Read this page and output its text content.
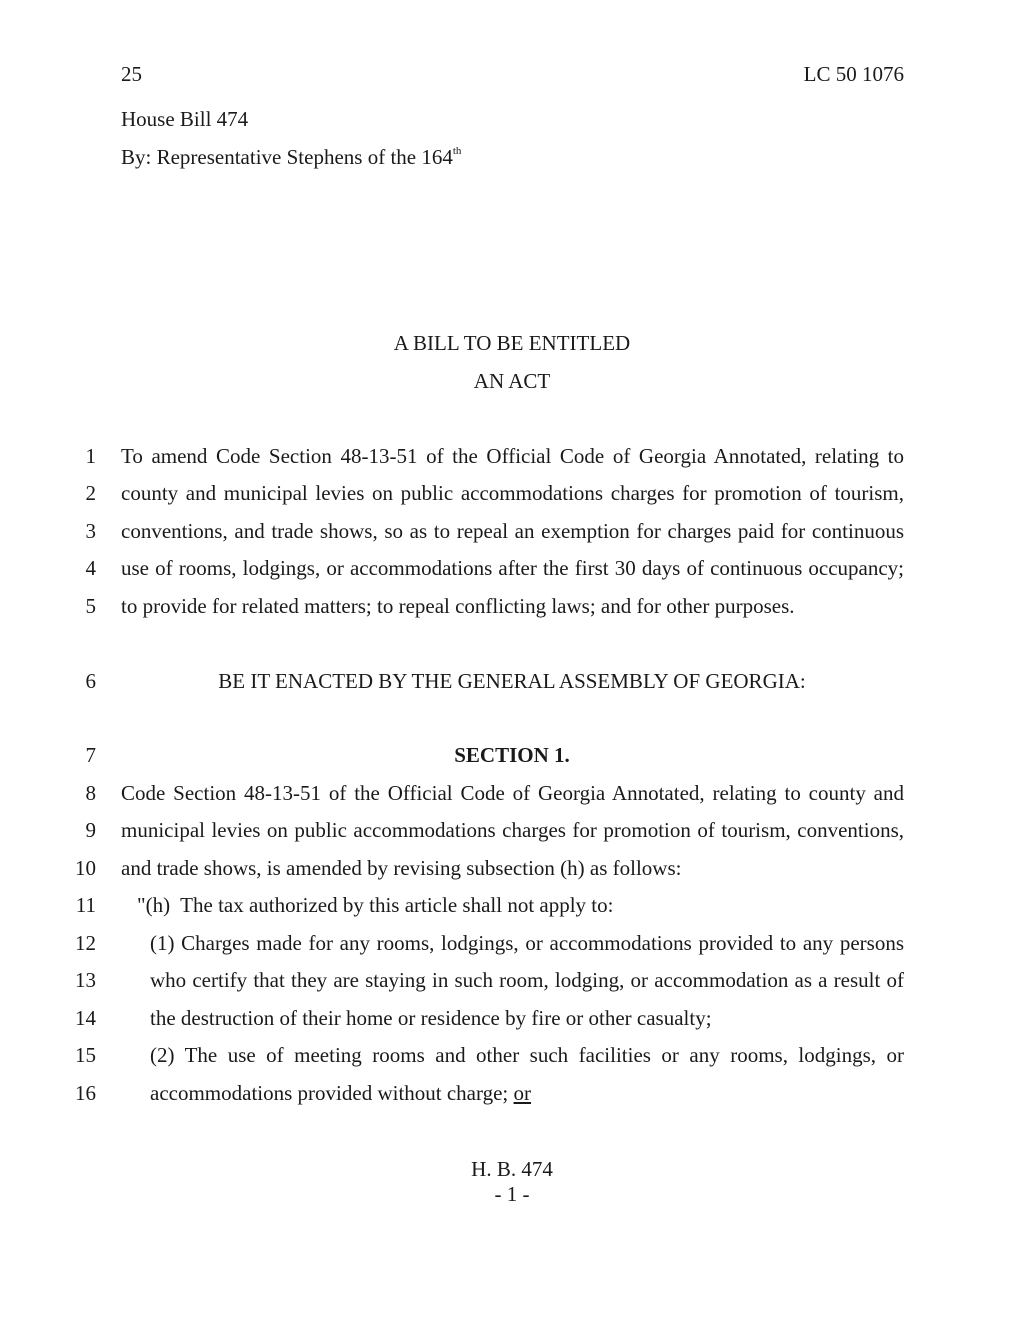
25	LC 50 1076
House Bill 474
By: Representative Stephens of the 164th
A BILL TO BE ENTITLED
AN ACT
1 To amend Code Section 48-13-51 of the Official Code of Georgia Annotated, relating to
2 county and municipal levies on public accommodations charges for promotion of tourism,
3 conventions, and trade shows, so as to repeal an exemption for charges paid for continuous
4 use of rooms, lodgings, or accommodations after the first 30 days of continuous occupancy;
5 to provide for related matters; to repeal conflicting laws; and for other purposes.
6	BE IT ENACTED BY THE GENERAL ASSEMBLY OF GEORGIA:
7	SECTION 1.
8 Code Section 48-13-51 of the Official Code of Georgia Annotated, relating to county and
9 municipal levies on public accommodations charges for promotion of tourism, conventions,
10 and trade shows, is amended by revising subsection (h) as follows:
11 "(h)  The tax authorized by this article shall not apply to:
12	(1) Charges made for any rooms, lodgings, or accommodations provided to any persons
13	who certify that they are staying in such room, lodging, or accommodation as a result of
14	the destruction of their home or residence by fire or other casualty;
15	(2) The use of meeting rooms and other such facilities or any rooms, lodgings, or
16	accommodations provided without charge; or
H. B. 474
- 1 -
